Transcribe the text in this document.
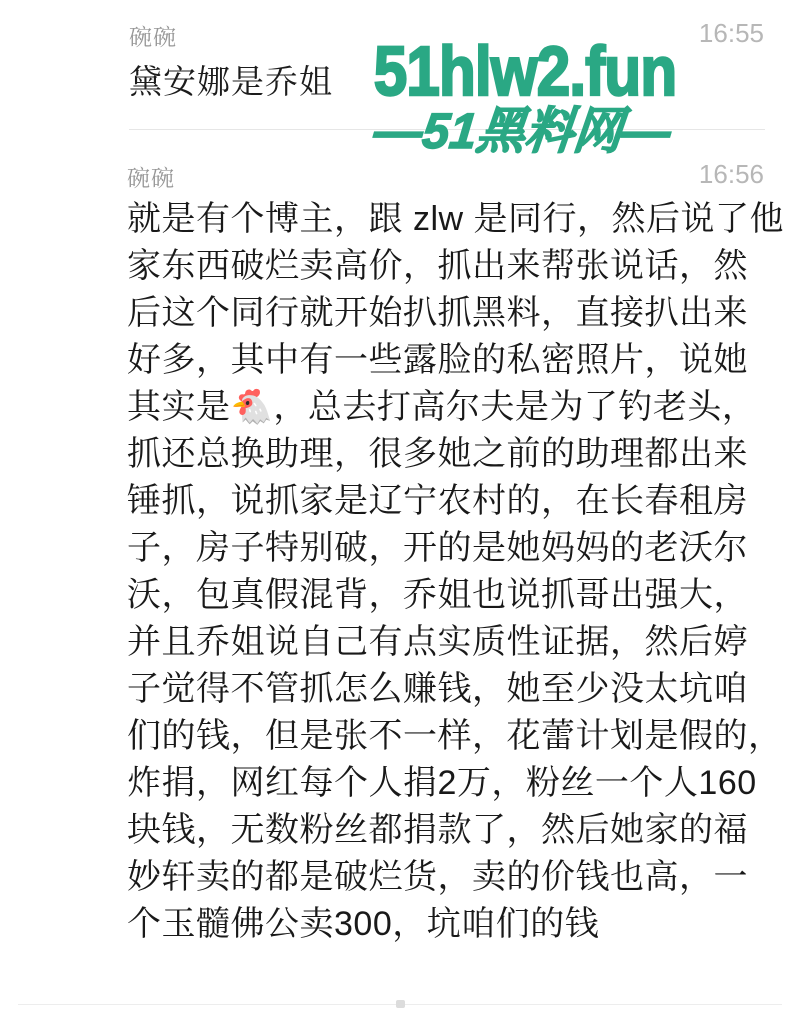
碗碗	16:55
黛安娜是乔姐 51hlw2.fun
—51黑料网—
碗碗	16:56
就是有个博主，跟 zlw 是同行，然后说了他
家东西破烂卖高价，抓出来帮张说话，然
后这个同行就开始扒抓黑料，直接扒出来
好多，其中有一些露脸的私密照片，说她
其实是🐔，总去打高尔夫是为了钓老头，
抓还总换助理，很多她之前的助理都出来
锤抓，说抓家是辽宁农村的，在长春租房
子，房子特别破，开的是她妈妈的老沃尔
沃，包真假混背，乔姐也说抓哥出强大，
并且乔姐说自己有点实质性证据，然后婷
子觉得不管抓怎么赚钱，她至少没太坑咱
们的钱，但是张不一样，花蕾计划是假的，
炸捐，网红每个人捐2万，粉丝一个人160
块钱，无数粉丝都捐款了，然后她家的福
妙轩卖的都是破烂货，卖的价钱也高，一
个玉髓佛公卖300，坑咱们的钱
